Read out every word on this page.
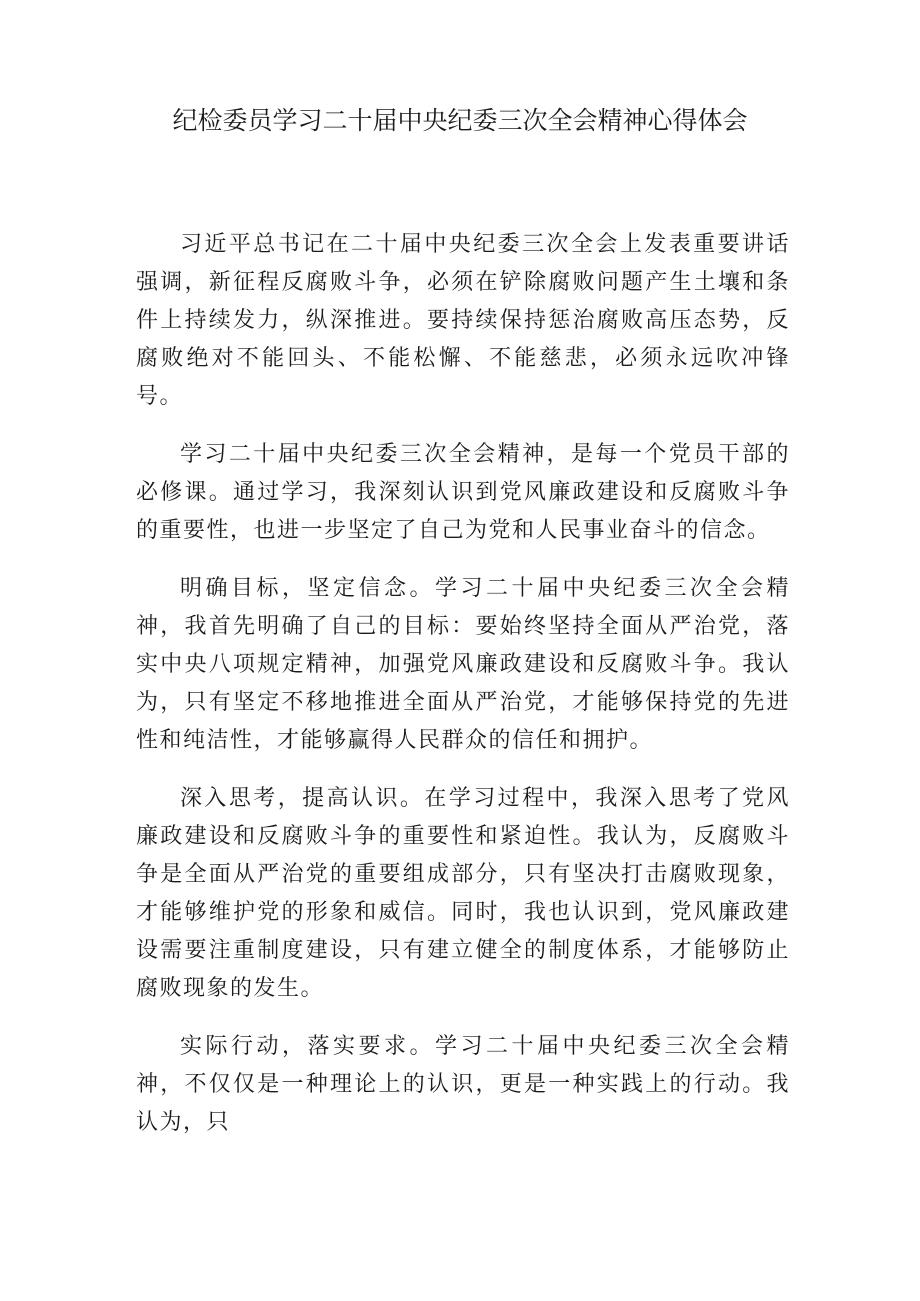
纪检委员学习二十届中央纪委三次全会精神心得体会

习近平总书记在二十届中央纪委三次全会上发表重要讲话强调，新征程反腐败斗争，必须在铲除腐败问题产生土壤和条件上持续发力，纵深推进。要持续保持惩治腐败高压态势，反腐败绝对不能回头、不能松懈、不能慈悲，必须永远吹冲锋号。

学习二十届中央纪委三次全会精神，是每一个党员干部的必修课。通过学习，我深刻认识到党风廉政建设和反腐败斗争的重要性，也进一步坚定了自己为党和人民事业奋斗的信念。

明确目标，坚定信念。学习二十届中央纪委三次全会精神，我首先明确了自己的目标：要始终坚持全面从严治党，落实中央八项规定精神，加强党风廉政建设和反腐败斗争。我认为，只有坚定不移地推进全面从严治党，才能够保持党的先进性和纯洁性，才能够赢得人民群众的信任和拥护。

深入思考，提高认识。在学习过程中，我深入思考了党风廉政建设和反腐败斗争的重要性和紧迫性。我认为，反腐败斗争是全面从严治党的重要组成部分，只有坚决打击腐败现象，才能够维护党的形象和威信。同时，我也认识到，党风廉政建设需要注重制度建设，只有建立健全的制度体系，才能够防止腐败现象的发生。

实际行动，落实要求。学习二十届中央纪委三次全会精神，不仅仅是一种理论上的认识，更是一种实践上的行动。我认为，只
